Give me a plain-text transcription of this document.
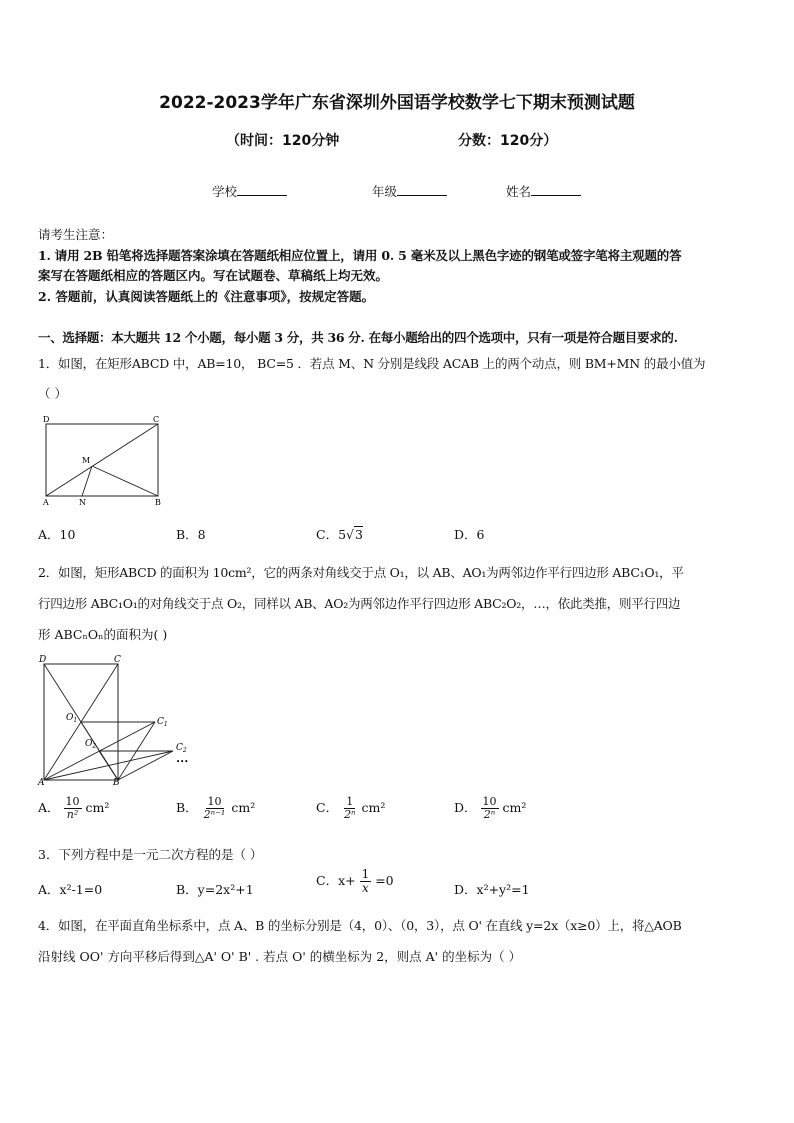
2022-2023学年广东省深圳外国语学校数学七下期末预测试题
（时间：120分钟	分数：120分）
学校	年级	姓名
请考生注意：
1. 请用 2B 铅笔将选择题答案涂填在答题纸相应位置上，请用 0. 5 毫米及以上黑色字迹的钢笔或签字笔将主观题的答
案写在答题纸相应的答题区内。写在试题卷、草稿纸上均无效。
2. 答题前，认真阅读答题纸上的《注意事项》，按规定答题。
一、选择题：本大题共 12 个小题，每小题 3 分，共 36 分. 在每小题给出的四个选项中，只有一项是符合题目要求的.
1．如图，在矩形ABCD 中，AB=10， BC=5 ．若点 M、N 分别是线段 ACAB 上的两个动点，则 BM+MN 的最小值为
（ ）
D	C
M
A	N	B
A．10	B．8	C．5√3	D．6
2．如图，矩形ABCD 的面积为 10cm²，它的两条对角线交于点 O₁，以 AB、AO₁为两邻边作平行四边形 ABC₁O₁，平
行四边形 ABC₁O₁的对角线交于点 O₂，同样以 AB、AO₂为两邻边作平行四边形 ABC₂O₂，…，依此类推，则平行四边
形 ABCₙOₙ的面积为( )
D	C
$O_1$	$C_1$
$O_2$	$C_2$
•••
A	B
A． $\frac{10}{\text{n²}} cm^2$	B． $\frac{10}{\text{2ⁿ⁻¹}} cm^2$	C． $\frac{1}{\text{2ⁿ}} cm^2$	D． $\frac{10}{\text{2ⁿ}} cm^2$
3．下列方程中是一元二次方程的是（ ）
A．x²-1=0	B．y=2x²+1
C．$x+ \frac{1}{x} =0$
D．x²+y²=1
4．如图，在平面直角坐标系中，点 A、B 的坐标分别是（4，0）、（0，3），点 O' 在直线 y=2x（x≥0）上，将△AOB
沿射线 OO' 方向平移后得到△A' O' B' . 若点 O' 的横坐标为 2，则点 A' 的坐标为（ ）
